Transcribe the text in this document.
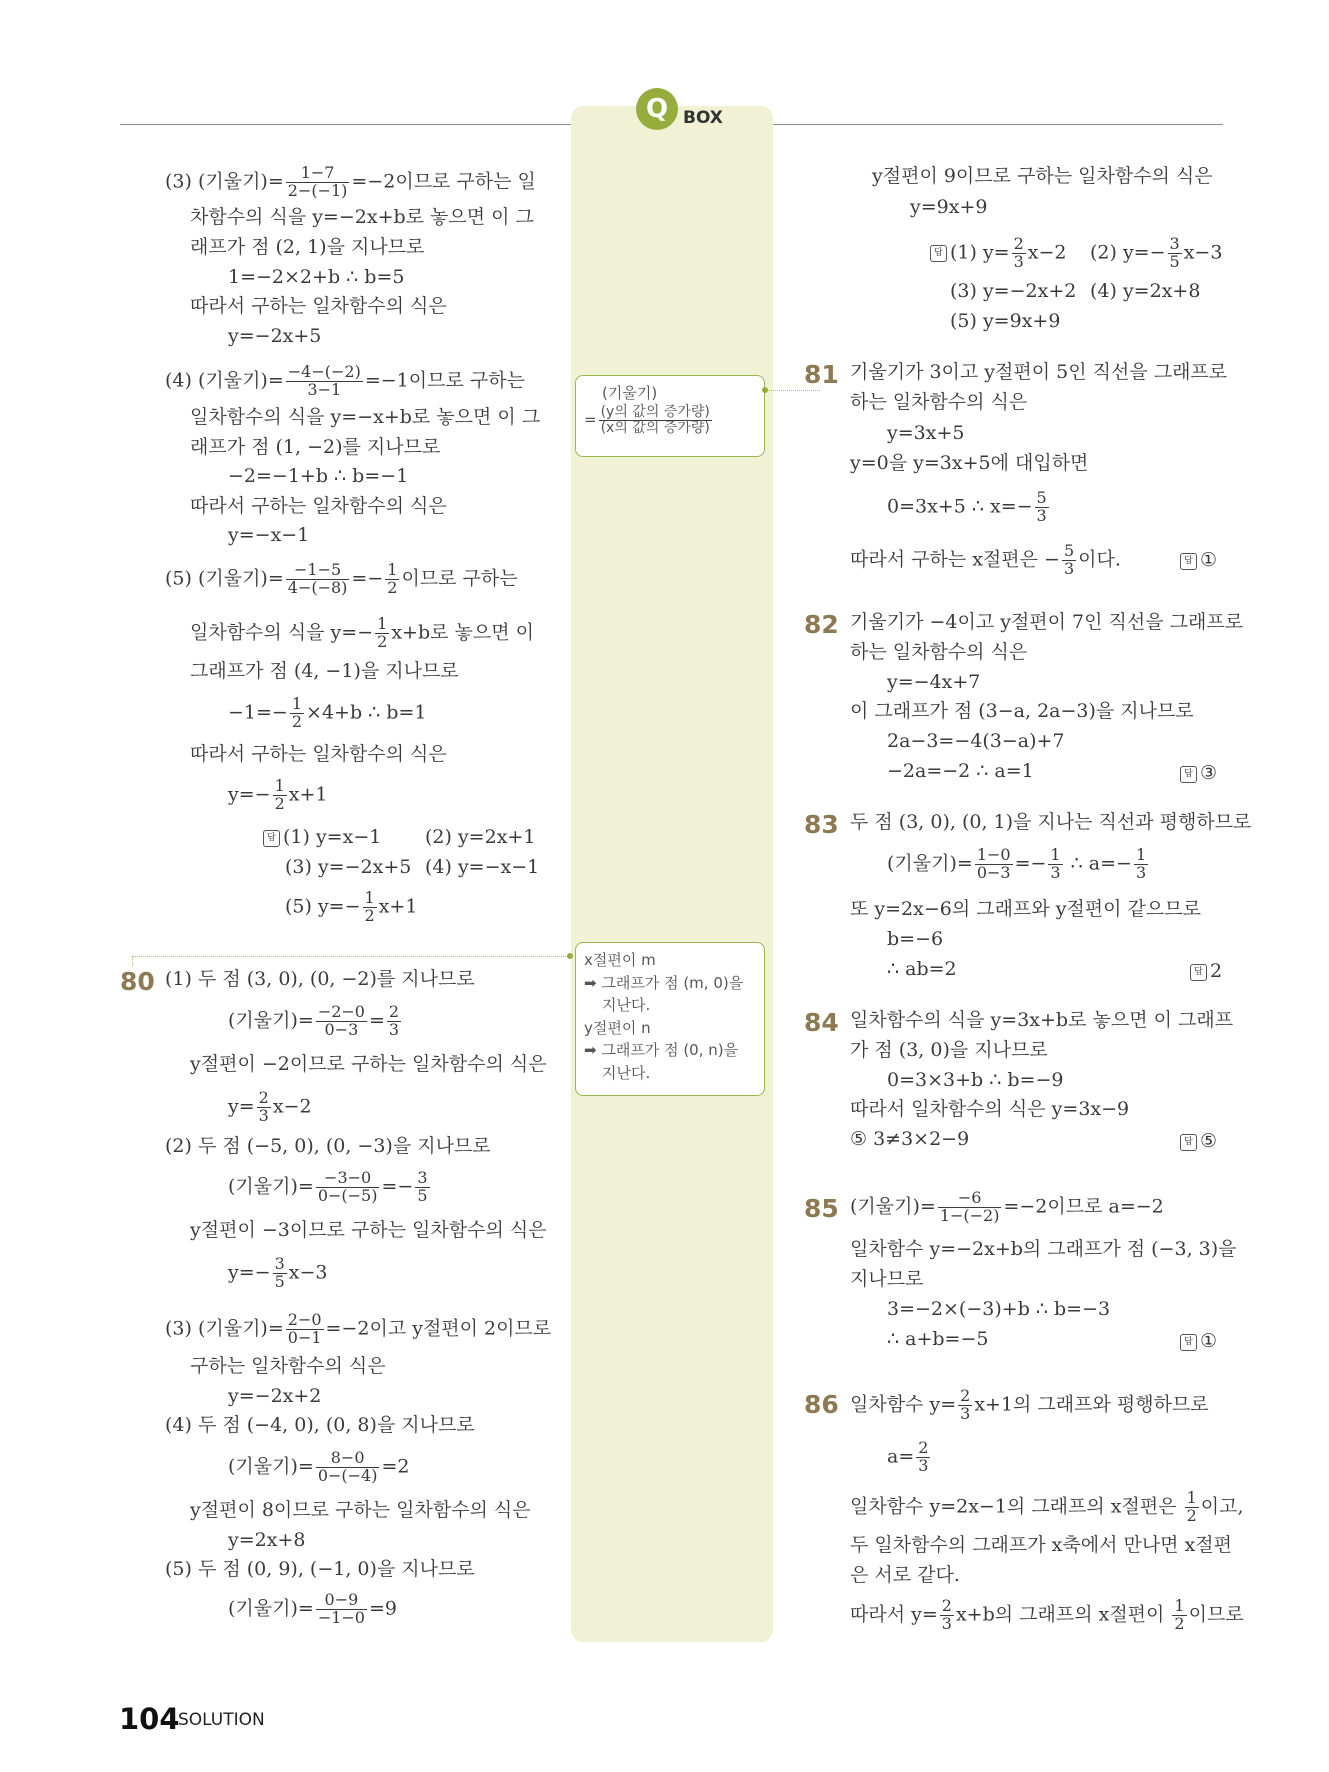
Q BOX
(3) (기울기)= $\frac{1-7}{2-(-1)} =-2$이므로 구하는 일
차함수의 식을 y=−2x+b로 놓으면 이 그
래프가 점 (2, 1)을 지나므로
1=−2×2+b ∴ b=5
따라서 구하는 일차함수의 식은
y=−2x+5
(4) (기울기)= $\frac{-4-(-2)}{3-1} =-1$이므로 구하는
일차함수의 식을 y=−x+b로 놓으면 이 그
래프가 점 (1, −2)를 지나므로
−2=−1+b ∴ b=−1
따라서 구하는 일차함수의 식은
y=−x−1
(5) (기울기)= $\frac{-1-5}{4-(-8)} =- \frac{1}{2}$ 이므로 구하는
일차함수의 식을 $y=- \frac{1}{2} x+b$로 놓으면 이
그래프가 점 (4, −1)을 지나므로
$-1=- \frac{1}{2} \times 4+b$ ∴ b=1
따라서 구하는 일차함수의 식은
$y=- \frac{1}{2} x+1$
답 (1) y=x−1 (2) y=2x+1
(3) y=−2x+5 (4) y=−x−1
(5) $y=- \frac{1}{2} x+1$
80 (1) 두 점 (3, 0), (0, −2)를 지나므로
(기울기)= $\frac{-2-0}{0-3} = \frac{2}{3}$
y절편이 −2이므로 구하는 일차함수의 식은
$y= \frac{2}{3} x-2$
(2) 두 점 (−5, 0), (0, −3)을 지나므로
(기울기)= $\frac{-3-0}{0-(-5)} =- \frac{3}{5}$
y절편이 −3이므로 구하는 일차함수의 식은
$y=- \frac{3}{5} x-3$
(3) (기울기)= $\frac{2-0}{0-1} =-2$이고 y절편이 2이므로
구하는 일차함수의 식은
y=−2x+2
(4) 두 점 (−4, 0), (0, 8)을 지나므로
(기울기)= $\frac{8-0}{0-(-4)} =2$
y절편이 8이므로 구하는 일차함수의 식은
y=2x+8
(5) 두 점 (0, 9), (−1, 0)을 지나므로
(기울기)= $\frac{0-9}{-1-0} =9$
(기울기)
= $\frac{\text{(y의 값의 증가량)}}{\text{(x의 값의 증가량)}}$
x절편이 m
➡ 그래프가 점 (m, 0)을
지난다.
y절편이 n
➡ 그래프가 점 (0, n)을
지난다.
y절편이 9이므로 구하는 일차함수의 식은
y=9x+9
답 (1) $y= \frac{2}{3} x-2$ (2) $y=- \frac{3}{5} x-3$
(3) y=−2x+2 (4) y=2x+8
(5) y=9x+9
81 기울기가 3이고 y절편이 5인 직선을 그래프로
하는 일차함수의 식은
y=3x+5
y=0을 y=3x+5에 대입하면
0=3x+5 ∴ $x=- \frac{5}{3}$
따라서 구하는 x절편은 − $\frac{5}{3}$ 이다.	답 ①
82 기울기가 −4이고 y절편이 7인 직선을 그래프로
하는 일차함수의 식은
y=−4x+7
이 그래프가 점 (3−a, 2a−3)을 지나므로
2a−3=−4(3−a)+7
−2a=−2 ∴ a=1	답 ③
83 두 점 (3, 0), (0, 1)을 지나는 직선과 평행하므로
(기울기)= $\frac{1-0}{0-3} =- \frac{1}{3}$ ∴ $a=- \frac{1}{3}$
또 y=2x−6의 그래프와 y절편이 같으므로
b=−6
∴ ab=2	답 2
84 일차함수의 식을 y=3x+b로 놓으면 이 그래프
가 점 (3, 0)을 지나므로
0=3×3+b ∴ b=−9
따라서 일차함수의 식은 y=3x−9
⑤ 3≠3×2−9	답 ⑤
85 (기울기)= $\frac{-6}{1-(-2)} =-2$이므로 a=−2
일차함수 y=−2x+b의 그래프가 점 (−3, 3)을
지나므로
3=−2×(−3)+b ∴ b=−3
∴ a+b=−5	답 ①
86 일차함수 $y= \frac{2}{3} x+1$의 그래프와 평행하므로
$a= \frac{2}{3}$
일차함수 y=2x−1의 그래프의 x절편은 $\frac{1}{2}$ 이고,
두 일차함수의 그래프가 x축에서 만나면 x절편
은 서로 같다.
따라서 $y= \frac{2}{3} x+b$의 그래프의 x절편이 $\frac{1}{2}$ 이므로
104
SOLUTION
